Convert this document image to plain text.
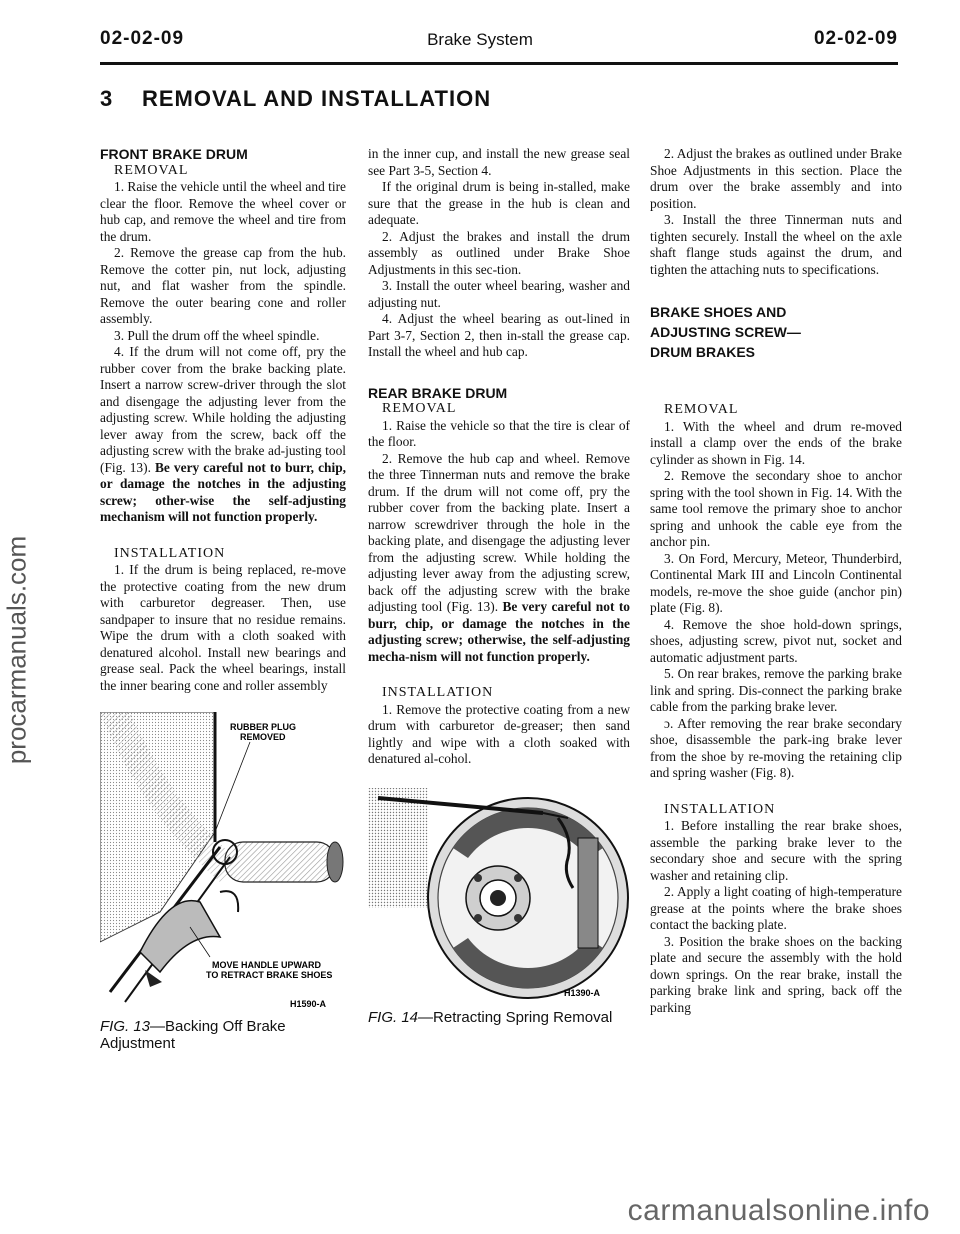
02-02-09	Brake System	02-02-09
3 REMOVAL AND INSTALLATION

FRONT BRAKE DRUM

REMOVAL

1. Raise the vehicle until the wheel and tire clear the floor. Remove the wheel cover or hub cap, and remove the wheel and tire from the drum.

2. Remove the grease cap from the hub. Remove the cotter pin, nut lock, adjusting nut, and flat washer from the spindle. Remove the outer bearing cone and roller assembly.

3. Pull the drum off the wheel spindle.

4. If the drum will not come off, pry the rubber cover from the brake backing plate. Insert a narrow screw-driver through the slot and disengage the adjusting lever from the adjusting screw. While holding the adjusting lever away from the screw, back off the adjusting screw with the brake ad-justing tool (Fig. 13). Be very careful not to burr, chip, or damage the notches in the adjusting screw; other-wise the self-adjusting mechanism will not function properly.

INSTALLATION

1. If the drum is being replaced, re-move the protective coating from the new drum with carburetor degreaser. Then, use sandpaper to insure that no residue remains. Wipe the drum with a cloth soaked with denatured alcohol. Install new bearings and grease seal. Pack the wheel bearings, install the inner bearing cone and roller assembly

RUBBER PLUG
REMOVED
MOVE HANDLE UPWARD
TO RETRACT BRAKE SHOES
H1590-A
FIG. 13—Backing Off Brake Adjustment

in the inner cup, and install the new grease seal see Part 3-5, Section 4.

If the original drum is being in-stalled, make sure that the grease in the hub is clean and adequate.

2. Adjust the brakes and install the drum assembly as outlined under Brake Shoe Adjustments in this sec-tion.

3. Install the outer wheel bearing, washer and adjusting nut.

4. Adjust the wheel bearing as out-lined in Part 3-7, Section 2, then in-stall the grease cap. Install the wheel and hub cap.

REAR BRAKE DRUM

REMOVAL

1. Raise the vehicle so that the tire is clear of the floor.

2. Remove the hub cap and wheel. Remove the three Tinnerman nuts and remove the brake drum. If the drum will not come off, pry the rubber cover from the backing plate. Insert a narrow screwdriver through the hole in the backing plate, and disengage the adjusting lever from the adjusting screw. While holding the adjusting lever away from the adjusting screw, back off the adjusting screw with the brake adjusting tool (Fig. 13). Be very careful not to burr, chip, or damage the notches in the adjusting screw; otherwise, the self-adjusting mecha-nism will not function properly.

INSTALLATION

1. Remove the protective coating from a new drum with carburetor de-greaser; then sand lightly and wipe with a cloth soaked with denatured al-cohol.

H1390-A
FIG. 14—Retracting Spring Removal

2. Adjust the brakes as outlined under Brake Shoe Adjustments in this section. Place the drum over the brake assembly and into position.

3. Install the three Tinnerman nuts and tighten securely. Install the wheel on the axle shaft flange studs against the drum, and tighten the attaching nuts to specifications.

BRAKE SHOES AND

ADJUSTING SCREW—

DRUM BRAKES

REMOVAL

1. With the wheel and drum re-moved install a clamp over the ends of the brake cylinder as shown in Fig. 14.

2. Remove the secondary shoe to anchor spring with the tool shown in Fig. 14. With the same tool remove the primary shoe to anchor spring and unhook the cable eye from the anchor pin.

3. On Ford, Mercury, Meteor, Thunderbird, Continental Mark III and Lincoln Continental models, re-move the shoe guide (anchor pin) plate (Fig. 8).

4. Remove the shoe hold-down springs, shoes, adjusting screw, pivot nut, socket and automatic adjustment parts.

5. On rear brakes, remove the parking brake link and spring. Dis-connect the parking brake cable from the parking brake lever.

ɔ. After removing the rear brake secondary shoe, disassemble the park-ing brake lever from the shoe by re-moving the retaining clip and spring washer (Fig. 8).

INSTALLATION

1. Before installing the rear brake shoes, assemble the parking brake lever to the secondary shoe and secure with the spring washer and retaining clip.

2. Apply a light coating of high-temperature grease at the points where the brake shoes contact the backing plate.

3. Position the brake shoes on the backing plate and secure the assembly with the hold down springs. On the rear brake, install the parking brake link and spring, back off the parking

procarmanuals.com
carmanualsonline.info
